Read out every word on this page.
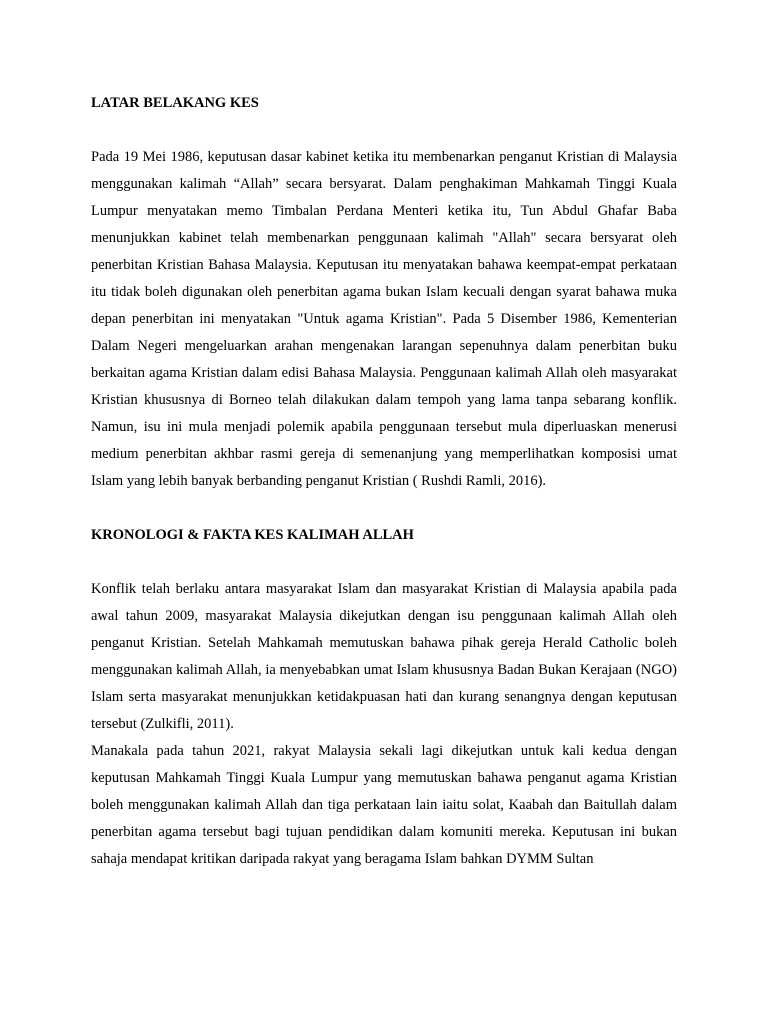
LATAR BELAKANG KES

Pada 19 Mei 1986, keputusan dasar kabinet ketika itu membenarkan penganut Kristian di Malaysia menggunakan kalimah “Allah” secara bersyarat. Dalam penghakiman Mahkamah Tinggi Kuala Lumpur menyatakan memo Timbalan Perdana Menteri ketika itu, Tun Abdul Ghafar Baba menunjukkan kabinet telah membenarkan penggunaan kalimah "Allah" secara bersyarat oleh penerbitan Kristian Bahasa Malaysia. Keputusan itu menyatakan bahawa keempat-empat perkataan itu tidak boleh digunakan oleh penerbitan agama bukan Islam kecuali dengan syarat bahawa muka depan penerbitan ini menyatakan "Untuk agama Kristian". Pada 5 Disember 1986, Kementerian Dalam Negeri mengeluarkan arahan mengenakan larangan sepenuhnya dalam penerbitan buku berkaitan agama Kristian dalam edisi Bahasa Malaysia. Penggunaan kalimah Allah oleh masyarakat Kristian khususnya di Borneo telah dilakukan dalam tempoh yang lama tanpa sebarang konflik. Namun, isu ini mula menjadi polemik apabila penggunaan tersebut mula diperluaskan menerusi medium penerbitan akhbar rasmi gereja di semenanjung yang memperlihatkan komposisi umat Islam yang lebih banyak berbanding penganut Kristian ( Rushdi Ramli, 2016).

KRONOLOGI & FAKTA KES KALIMAH ALLAH

Konflik telah berlaku antara masyarakat Islam dan masyarakat Kristian di Malaysia apabila pada awal tahun 2009, masyarakat Malaysia dikejutkan dengan isu penggunaan kalimah Allah oleh penganut Kristian. Setelah Mahkamah memutuskan bahawa pihak gereja Herald Catholic boleh menggunakan kalimah Allah, ia menyebabkan umat Islam khususnya Badan Bukan Kerajaan (NGO) Islam serta masyarakat menunjukkan ketidakpuasan hati dan kurang senangnya dengan keputusan tersebut (Zulkifli, 2011).

Manakala pada tahun 2021, rakyat Malaysia sekali lagi dikejutkan untuk kali kedua dengan keputusan Mahkamah Tinggi Kuala Lumpur yang memutuskan bahawa penganut agama Kristian boleh menggunakan kalimah Allah dan tiga perkataan lain iaitu solat, Kaabah dan Baitullah dalam penerbitan agama tersebut bagi tujuan pendidikan dalam komuniti mereka. Keputusan ini bukan sahaja mendapat kritikan daripada rakyat yang beragama Islam bahkan DYMM Sultan
